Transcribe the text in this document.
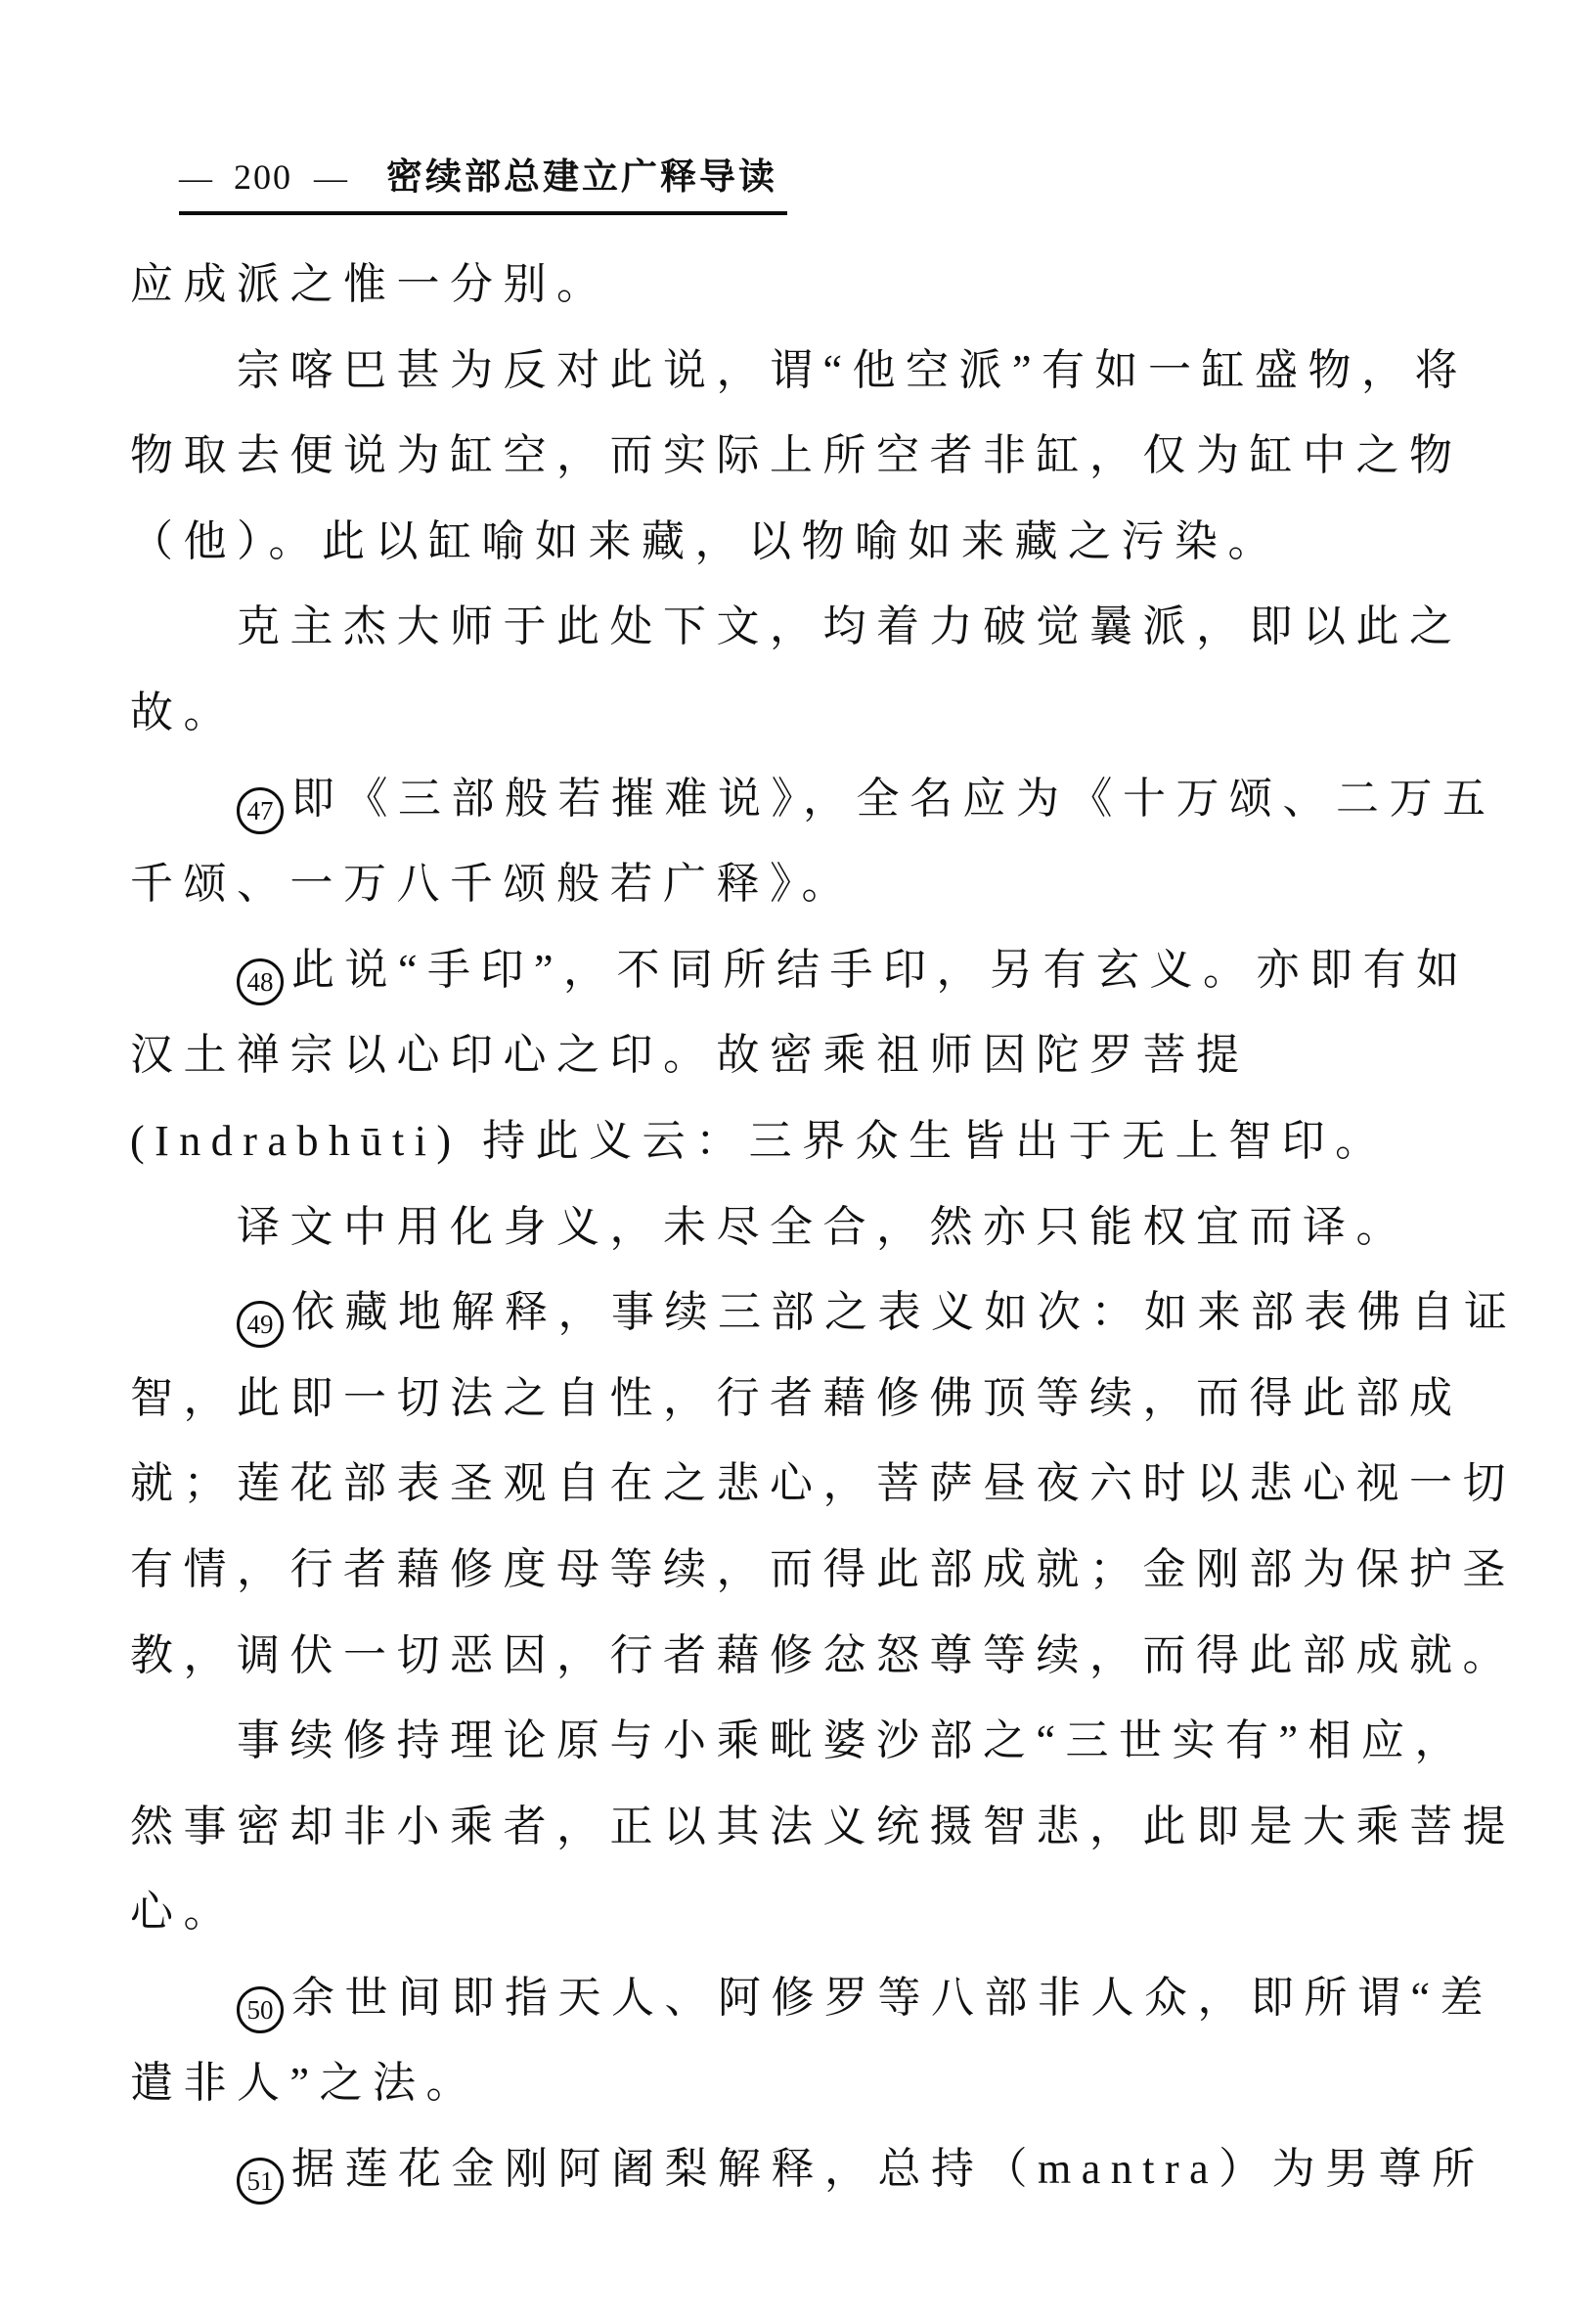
— 200 — 密续部总建立广释导读
应成派之惟一分别。
　　宗喀巴甚为反对此说，谓“他空派”有如一缸盛物，将
物取去便说为缸空，而实际上所空者非缸，仅为缸中之物
（他）。此以缸喻如来藏，以物喻如来藏之污染。
　　克主杰大师于此处下文，均着力破觉曩派，即以此之
故。
　　47 即《三部般若摧难说》，全名应为《十万颂、二万五
千颂、一万八千颂般若广释》。
　　48 此说“手印”，不同所结手印，另有玄义。亦即有如
汉土禅宗以心印心之印。故密乘祖师因陀罗菩提
(Indrabhūti) 持此义云：三界众生皆出于无上智印。
　　译文中用化身义，未尽全合，然亦只能权宜而译。
　　49 依藏地解释，事续三部之表义如次：如来部表佛自证
智，此即一切法之自性，行者藉修佛顶等续，而得此部成
就；莲花部表圣观自在之悲心，菩萨昼夜六时以悲心视一切
有情，行者藉修度母等续，而得此部成就；金刚部为保护圣
教，调伏一切恶因，行者藉修忿怒尊等续，而得此部成就。
　　事续修持理论原与小乘毗婆沙部之“三世实有”相应，
然事密却非小乘者，正以其法义统摄智悲，此即是大乘菩提
心。
　　50 余世间即指天人、阿修罗等八部非人众，即所谓“差
遣非人”之法。
　　51 据莲花金刚阿阇梨解释，总持（mantra）为男尊所
